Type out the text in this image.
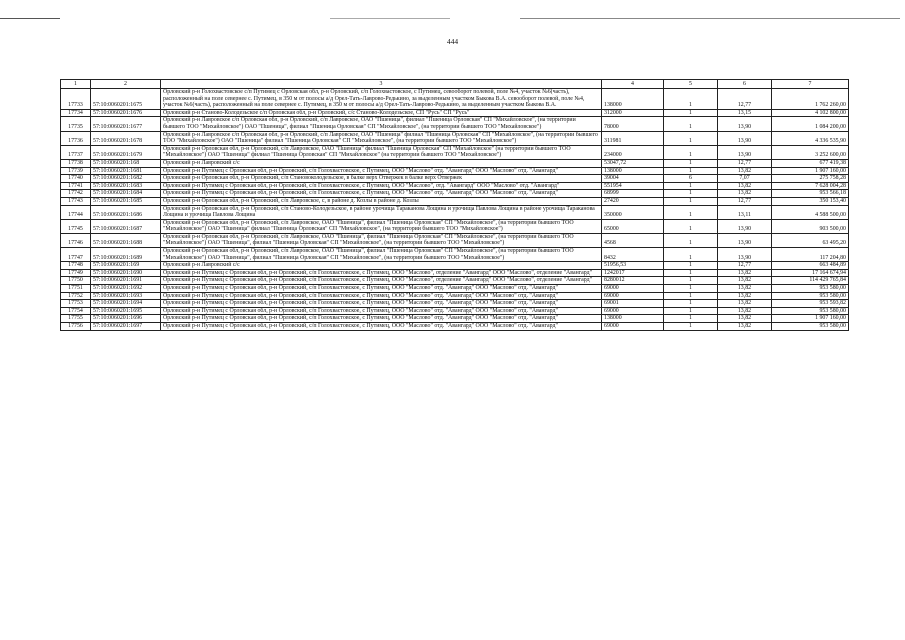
444
1	2	3	4	5	6	7
17733	57:10:0060201:1675	Орловский р-н Голохвастовское с/п Путимец с Орловская обл, р-н Орловский, с/п Голохвастовское, с Путимец, севооборот полевой, поле №4, участок №6(часть), расположенный на поле севернее с. Путимец, в 350 м от полосы а/д Орел-Тать-Лаврово-Редькино, за выделенным участком Быкова В.А. севооборот полевой, поле №4, участок №6(часть), расположенный на поле севернее с. Путимец, в 350 м от полосы а/д Орел-Тать-Лаврово-Редькино, за выделенным участком Быкова В.А.	138000	1	12,77	1 762 260,00
17734	57:10:0060201:1676	Орловский р-н Станово-Колодезьское с/п Орловская обл, р-н Орловский, с/с Станово-Колодезьское, СП "Русь" СП "Русь"	312000	1	13,15	4 102 800,00
17735	57:10:0060201:1677	Орловский р-н Лавровское с/п Орловская обл, р-н Орловский, с/п Лавровское, ОАО "Пшеница", филиал "Пшеница Орловская" СП "Михайловское", (на территории бывшего ТОО "Михайловское") ОАО "Пшеница", филиал "Пшеница Орловская" СП "Михайловское", (на территории бывшего ТОО "Михайловское")	78000	1	13,90	1 084 200,00
17736	57:10:0060201:1678	Орловский р-н Лавровское с/п Орловская обл, р-н Орловский, с/п Лавровское, ОАО "Пшеница" филиал "Пшеница Орловская" СП "Михайловское", (на территории бывшего ТОО "Михайловское") ОАО "Пшеница" филиал "Пшеница Орловская" СП "Михайловское", (на территории бывшего ТОО "Михайловское")	311981	1	13,90	4 336 535,90
17737	57:10:0060201:1679	Орловский р-н Орловская обл, р-н Орловский, с/п Лавровское, ОАО "Пшеница" филиал "Пшеница Орловская" СП "Михайловское" (на территории бывшего ТОО "Михайловское") ОАО "Пшеница" филиал "Пшеница Орловская" СП "Михайловское" (на территории бывшего ТОО "Михайловское")	234000	1	13,90	3 252 600,00
17738	57:10:0060201:168	Орловский р-н Лавровский с/с	53047,72	1	12,77	677 419,38
17739	57:10:0060201:1681	Орловский р-н Путимец с Орловская обл, р-н Орловский, с/п Голохвастовское, с Путимец, ООО "Маслово" отд. "Авангард" ООО "Маслово" отд. "Авангард"	138000	1	13,82	1 907 160,00
17740	57:10:0060201:1682	Орловский р-н Орловская обл, р-н Орловский, с/п Становоколодезьское, в балке верх Отвержек в балке верх Отвержек	39004	6	7,07	275 758,28
17741	57:10:0060201:1683	Орловский р-н Путимец с Орловская обл, р-н Орловский, с/п Голохвастовское, с Путимец, ООО "Маслово", отд. "Авангард" ООО "Маслово" отд. "Авангард"	551954	1	13,82	7 628 004,28
17742	57:10:0060201:1684	Орловский р-н Путимец с Орловская обл, р-н Орловский, с/п Голохвастовское, с Путимец, ООО "Маслово" отд. "Авангард" ООО "Маслово" отд. "Авангард"	68999	1	13,82	953 566,18
17743	57:10:0060201:1685	Орловский р-н Орловская обл, р-н Орловский, с/п Лавровское, с, в районе д. Козлы в районе д. Козлы	27420	1	12,77	350 153,40
17744	57:10:0060201:1686	Орловский р-н Орловская обл, р-н Орловский, с/п Станово-Колодезьское, в районе урочища Тараканова Лощина и урочища Павлова Лощина в районе урочища Тараканова Лощина и урочища Павлова Лощина	350000	1	13,11	4 588 500,00
17745	57:10:0060201:1687	Орловский р-н Орловская обл, р-н Орловский, с/п Лавровское, ОАО "Пшеница", филиал "Пшеница Орловская" СП "Михайловское", (на территории бывшего ТОО "Михайловское") ОАО "Пшеница" филиал "Пшеница Орловская" СП "Михайловское", (на территории бывшего ТОО "Михайловское")	65000	1	13,90	903 500,00
17746	57:10:0060201:1688	Орловский р-н Орловская обл, р-н Орловский, с/п Лавровское, ОАО "Пшеница", филиал "Пшеница Орловская" СП "Михайловское", (на территории бывшего ТОО "Михайловское") ОАО "Пшеница", филиал "Пшеница Орловская" СП "Михайловское", (на территории бывшего ТОО "Михайловское")	4568	1	13,90	63 495,20
17747	57:10:0060201:1689	Орловский р-н Орловская обл, р-н Орловский, с/п Лавровское, ОАО "Пшеница", филиал "Пшеница Орловская" СП "Михайловское", (на территории бывшего ТОО "Михайловское") ОАО "Пшеница", филиал "Пшеница Орловская" СП "Михайловское", (на территории бывшего ТОО "Михайловское")	8432	1	13,90	117 204,80
17748	57:10:0060201:169	Орловский р-н Лавровский с/с	51956,53	1	12,77	663 484,89
17749	57:10:0060201:1690	Орловский р-н Путимец с Орловская обл, р-н Орловский, с/п Голохвастовское, с Путимец, ООО "Маслово", отделение "Авангард" ООО "Маслово", отделение "Авангард"	1242017	1	13,82	17 164 674,94
17750	57:10:0060201:1691	Орловский р-н Путимец с Орловская обл, р-н Орловский, с/п Голохвастовское, с Путимец, ООО "Маслово", отделение "Авангард" ООО "Маслово", отделение "Авангард"	8280012	1	13,82	114 429 765,84
17751	57:10:0060201:1692	Орловский р-н Путимец с Орловская обл, р-н Орловский, с/п Голохвастовское, с Путимец, ООО "Маслово" отд. "Авангард" ООО "Маслово" отд. "Авангард"	69000	1	13,82	953 580,00
17752	57:10:0060201:1693	Орловский р-н Путимец с Орловская обл, р-н Орловский, с/п Голохвастовское, с Путимец, ООО "Маслово" отд. "Авангард" ООО "Маслово" отд. "Авангард"	69000	1	13,82	953 580,00
17753	57:10:0060201:1694	Орловский р-н Путимец с Орловская обл, р-н Орловский, с/п Голохвастовское, с Путимец, ООО "Маслово" отд. "Авангард" ООО "Маслово" отд. "Авангард"	69001	1	13,82	953 593,82
17754	57:10:0060201:1695	Орловский р-н Путимец с Орловская обл, р-н Орловский, с/п Голохвастовское, с Путимец, ООО "Маслово" отд. "Авангард" ООО "Маслово" отд. "Авангард"	69000	1	13,82	953 580,00
17755	57:10:0060201:1696	Орловский р-н Путимец с Орловская обл, р-н Орловский, с/п Голохвастовское, с Путимец, ООО "Маслово" отд. "Авангард" ООО "Маслово" отд. "Авангард"	138000	1	13,82	1 907 160,00
17756	57:10:0060201:1697	Орловский р-н Путимец с Орловская обл, р-н Орловский, с/п Голохвастовское, с Путимец, ООО "Маслово" отд. "Авангард" ООО "Маслово" отд. "Авангард"	69000	1	13,82	953 580,00
